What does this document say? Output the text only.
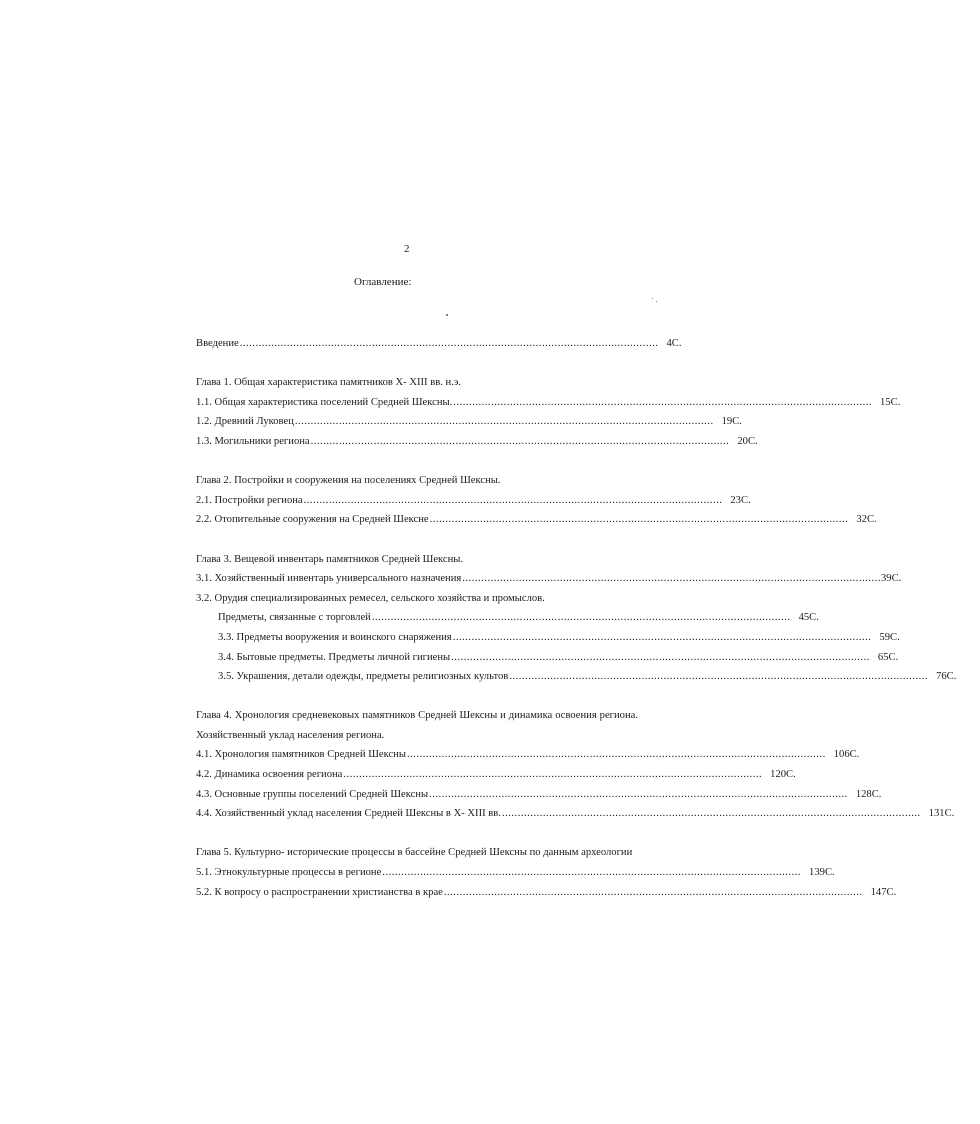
2
Оглавление:
Введение ..................................................................................................................................... 4С.
Глава 1. Общая характеристика памятников X- XIII вв. н.э.
1.1. Общая характеристика поселений Средней Шексны. ..................................................................................................................................... 15С.
1.2. Древний Луковец ..................................................................................................................................... 19С.
1.3. Могильники региона ..................................................................................................................................... 20С.
Глава 2. Постройки и сооружения на поселениях Средней Шексны.
2.1. Постройки региона ..................................................................................................................................... 23С.
2.2. Отопительные сооружения на Средней Шексне ..................................................................................................................................... 32С.
Глава 3. Вещевой инвентарь памятников Средней Шексны.
3.1. Хозяйственный инвентарь универсального назначения ..................................................................................................................................... 39С.
3.2. Орудия специализированных ремесел, сельского хозяйства и промыслов.
Предметы, связанные с торговлей ..................................................................................................................................... 45С.
3.3. Предметы вооружения и воинского снаряжения ..................................................................................................................................... 59С.
3.4. Бытовые предметы. Предметы личной гигиены ..................................................................................................................................... 65С.
3.5. Украшения, детали одежды, предметы религиозных культов ..................................................................................................................................... 76С.
Глава 4. Хронология средневековых памятников Средней Шексны и динамика освоения региона. Хозяйственный уклад населения региона.
4.1. Хронология памятников Средней Шексны ..................................................................................................................................... 106С.
4.2. Динамика освоения региона ..................................................................................................................................... 120С.
4.3. Основные группы поселений Средней Шексны ..................................................................................................................................... 128С.
4.4. Хозяйственный уклад населения Средней Шексны в X- XIII вв. ..................................................................................................................................... 131С.
Глава 5. Культурно- исторические процессы в бассейне Средней Шексны по данным археологии
5.1. Этнокультурные процессы в регионе ..................................................................................................................................... 139С.
5.2. К вопросу о распространении христианства в крае ..................................................................................................................................... 147С.
